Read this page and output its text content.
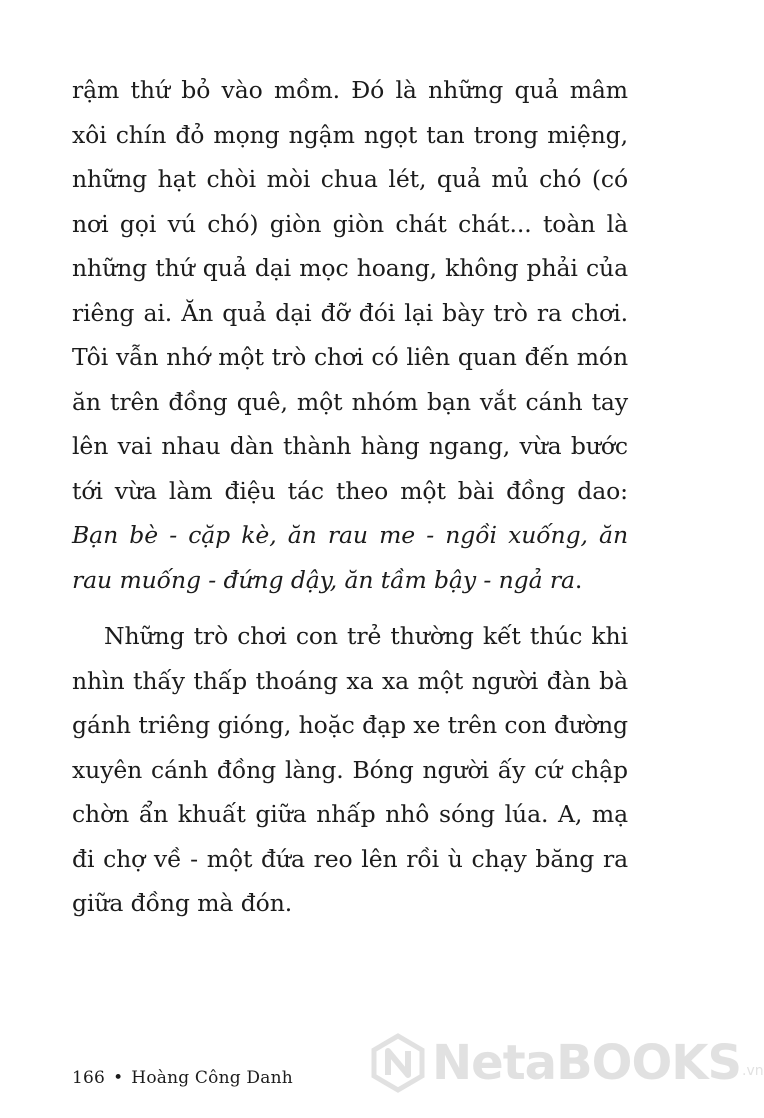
rậm thứ bỏ vào mồm. Đó là những quả mâm xôi chín đỏ mọng ngậm ngọt tan trong miệng, những hạt chòi mòi chua lét, quả mủ chó (có nơi gọi vú chó) giòn giòn chát chát... toàn là những thứ quả dại mọc hoang, không phải của riêng ai. Ăn quả dại đỡ đói lại bày trò ra chơi. Tôi vẫn nhớ một trò chơi có liên quan đến món ăn trên đồng quê, một nhóm bạn vắt cánh tay lên vai nhau dàn thành hàng ngang, vừa bước tới vừa làm điệu tác theo một bài đồng dao: Bạn bè - cặp kè, ăn rau me - ngồi xuống, ăn rau muống - đứng dậy, ăn tầm bậy - ngả ra.

Những trò chơi con trẻ thường kết thúc khi nhìn thấy thấp thoáng xa xa một người đàn bà gánh triêng gióng, hoặc đạp xe trên con đường xuyên cánh đồng làng. Bóng người ấy cứ chập chờn ẩn khuất giữa nhấp nhô sóng lúa. A, mạ đi chợ về - một đứa reo lên rồi ù chạy băng ra giữa đồng mà đón.

166 • Hoàng Công Danh	NetaBOOKS .vn
